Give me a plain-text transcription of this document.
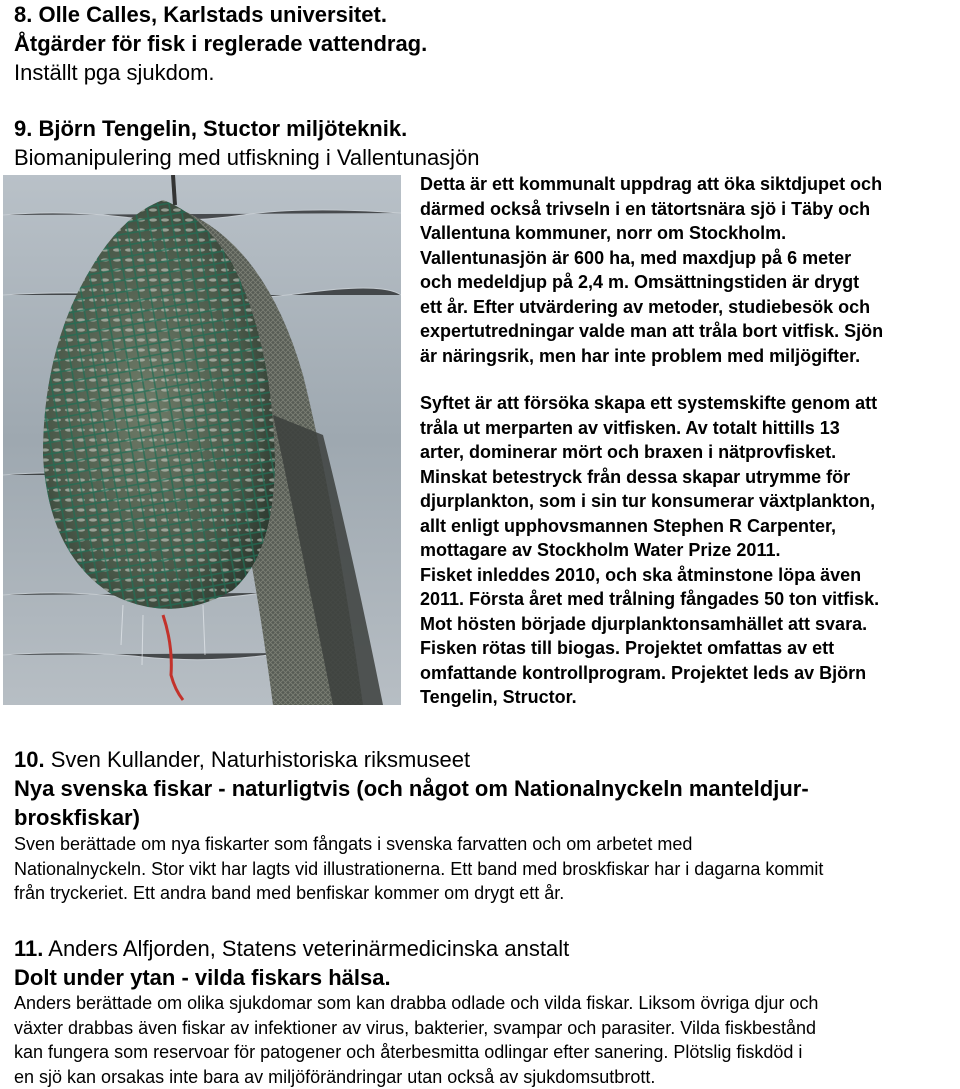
8. Olle Calles, Karlstads universitet.
Åtgärder för fisk i reglerade vattendrag.
Inställt pga sjukdom.
9. Björn Tengelin, Stuctor miljöteknik.
Biomanipulering med utfiskning i Vallentunasjön
Detta är ett kommunalt uppdrag att öka siktdjupet och
därmed också trivseln i en tätortsnära sjö i Täby och
Vallentuna kommuner, norr om Stockholm.
Vallentunasjön är 600 ha, med maxdjup på 6 meter
och medeldjup på 2,4 m. Omsättningstiden är drygt
ett år. Efter utvärdering av metoder, studiebesök och
expertutredningar valde man att tråla bort vitfisk. Sjön
är näringsrik, men har inte problem med miljögifter.
Syftet är att försöka skapa ett systemskifte genom att
tråla ut merparten av vitfisken. Av totalt hittills 13
arter, dominerar mört och braxen i nätprovfisket.
Minskat betestryck från dessa skapar utrymme för
djurplankton, som i sin tur konsumerar växtplankton,
allt enligt upphovsmannen Stephen R Carpenter,
mottagare av Stockholm Water Prize 2011.
Fisket inleddes 2010, och ska åtminstone löpa även
2011. Första året med trålning fångades 50 ton vitfisk.
Mot hösten började djurplanktonsamhället att svara.
Fisken rötas till biogas. Projektet omfattas av ett
omfattande kontrollprogram. Projektet leds av Björn
Tengelin, Structor.
10. Sven Kullander, Naturhistoriska riksmuseet
Nya svenska fiskar - naturligtvis (och något om Nationalnyckeln manteldjur-
broskfiskar)
Sven berättade om nya fiskarter som fångats i svenska farvatten och om arbetet med
Nationalnyckeln. Stor vikt har lagts vid illustrationerna. Ett band med broskfiskar har i dagarna kommit
från tryckeriet. Ett andra band med benfiskar kommer om drygt ett år.
11. Anders Alfjorden, Statens veterinärmedicinska anstalt
Dolt under ytan - vilda fiskars hälsa.
Anders berättade om olika sjukdomar som kan drabba odlade och vilda fiskar. Liksom övriga djur och
växter drabbas även fiskar av infektioner av virus, bakterier, svampar och parasiter. Vilda fiskbestånd
kan fungera som reservoar för patogener och återbesmitta odlingar efter sanering. Plötslig fiskdöd i
en sjö kan orsakas inte bara av miljöförändringar utan också av sjukdomsutbrott.
